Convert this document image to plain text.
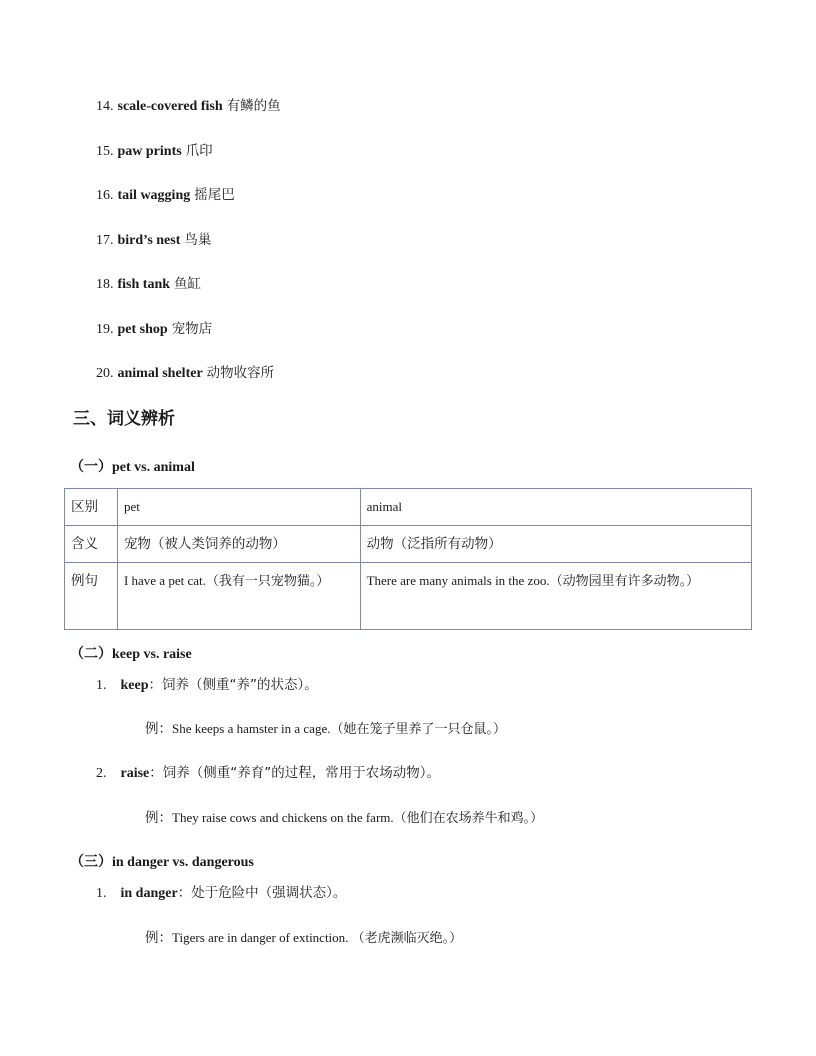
14. scale-covered fish 有鳞的鱼
15. paw prints 爪印
16. tail wagging 摇尾巴
17. bird’s nest 鸟巢
18. fish tank 鱼缸
19. pet shop 宠物店
20. animal shelter 动物收容所
三、词义辨析
（一）pet vs. animal
区别	pet	animal
含义	宠物（被人类饲养的动物）	动物（泛指所有动物）
例句	I have a pet cat.（我有一只宠物猫。）	There are many animals in the zoo.（动物园里有许多动物。）
（二）keep vs. raise
1. keep：饲养（侧重“养”的状态）。
例：She keeps a hamster in a cage.（她在笼子里养了一只仓鼠。）
2. raise：饲养（侧重“养育”的过程，常用于农场动物）。
例：They raise cows and chickens on the farm.（他们在农场养牛和鸡。）
（三）in danger vs. dangerous
1. in danger：处于危险中（强调状态）。
例：Tigers are in danger of extinction. （老虎濒临灭绝。）
